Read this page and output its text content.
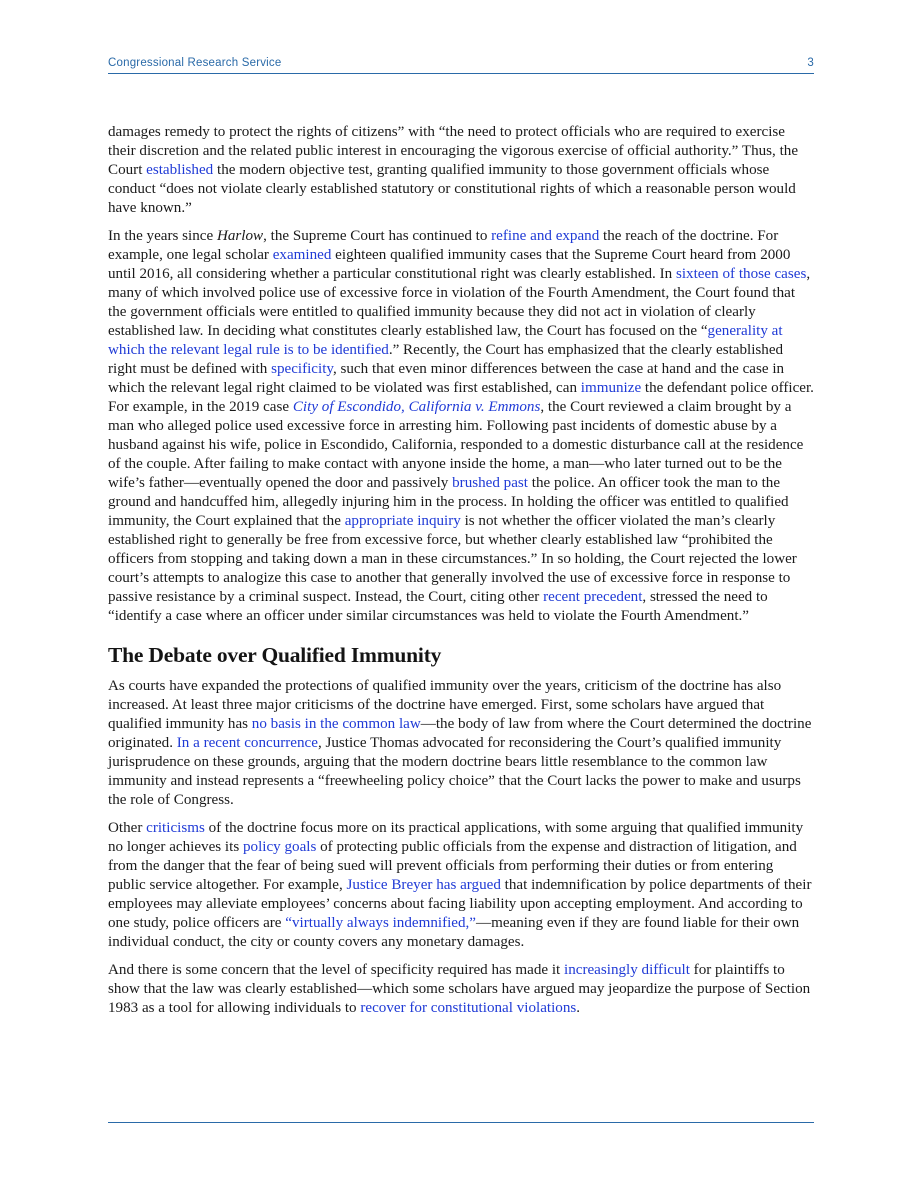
Congressional Research Service	3

damages remedy to protect the rights of citizens” with “the need to protect officials who are required to exercise their discretion and the related public interest in encouraging the vigorous exercise of official authority.” Thus, the Court established the modern objective test, granting qualified immunity to those government officials whose conduct “does not violate clearly established statutory or constitutional rights of which a reasonable person would have known.”

In the years since Harlow, the Supreme Court has continued to refine and expand the reach of the doctrine. For example, one legal scholar examined eighteen qualified immunity cases that the Supreme Court heard from 2000 until 2016, all considering whether a particular constitutional right was clearly established. In sixteen of those cases, many of which involved police use of excessive force in violation of the Fourth Amendment, the Court found that the government officials were entitled to qualified immunity because they did not act in violation of clearly established law. In deciding what constitutes clearly established law, the Court has focused on the “generality at which the relevant legal rule is to be identified.” Recently, the Court has emphasized that the clearly established right must be defined with specificity, such that even minor differences between the case at hand and the case in which the relevant legal right claimed to be violated was first established, can immunize the defendant police officer. For example, in the 2019 case City of Escondido, California v. Emmons, the Court reviewed a claim brought by a man who alleged police used excessive force in arresting him. Following past incidents of domestic abuse by a husband against his wife, police in Escondido, California, responded to a domestic disturbance call at the residence of the couple. After failing to make contact with anyone inside the home, a man—who later turned out to be the wife’s father—eventually opened the door and passively brushed past the police. An officer took the man to the ground and handcuffed him, allegedly injuring him in the process. In holding the officer was entitled to qualified immunity, the Court explained that the appropriate inquiry is not whether the officer violated the man’s clearly established right to generally be free from excessive force, but whether clearly established law “prohibited the officers from stopping and taking down a man in these circumstances.” In so holding, the Court rejected the lower court’s attempts to analogize this case to another that generally involved the use of excessive force in response to passive resistance by a criminal suspect. Instead, the Court, citing other recent precedent, stressed the need to “identify a case where an officer under similar circumstances was held to violate the Fourth Amendment.”

The Debate over Qualified Immunity

As courts have expanded the protections of qualified immunity over the years, criticism of the doctrine has also increased. At least three major criticisms of the doctrine have emerged. First, some scholars have argued that qualified immunity has no basis in the common law—the body of law from where the Court determined the doctrine originated. In a recent concurrence, Justice Thomas advocated for reconsidering the Court’s qualified immunity jurisprudence on these grounds, arguing that the modern doctrine bears little resemblance to the common law immunity and instead represents a “freewheeling policy choice” that the Court lacks the power to make and usurps the role of Congress.

Other criticisms of the doctrine focus more on its practical applications, with some arguing that qualified immunity no longer achieves its policy goals of protecting public officials from the expense and distraction of litigation, and from the danger that the fear of being sued will prevent officials from performing their duties or from entering public service altogether. For example, Justice Breyer has argued that indemnification by police departments of their employees may alleviate employees’ concerns about facing liability upon accepting employment. And according to one study, police officers are “virtually always indemnified,”—meaning even if they are found liable for their own individual conduct, the city or county covers any monetary damages.

And there is some concern that the level of specificity required has made it increasingly difficult for plaintiffs to show that the law was clearly established—which some scholars have argued may jeopardize the purpose of Section 1983 as a tool for allowing individuals to recover for constitutional violations.
